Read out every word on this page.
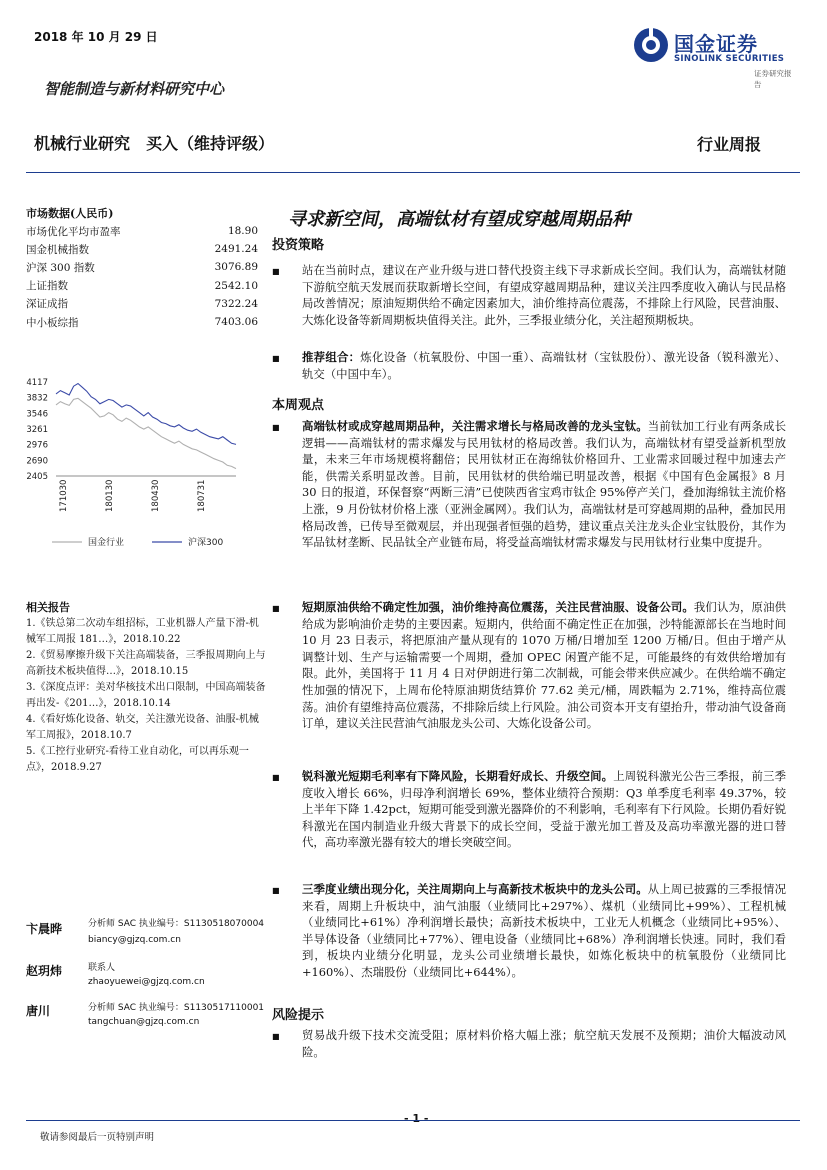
2018 年 10 月 29 日
智能制造与新材料研究中心
国金证券
SINOLINK SECURITIES
证券研究报告
机械行业研究　买入（维持评级）	行业周报
市场数据(人民币)
市场优化平均市盈率	18.90
国金机械指数	2491.24
沪深 300 指数	3076.89
上证指数	2542.10
深证成指	7322.24
中小板综指	7403.06
4117
3832
3546
3261
2976
2690
2405
171030	180130	180430	180731
国金行业	沪深300
相关报告
1.《铁总第二次动车组招标，工业机器人产量下滑-机械军工周报 181…》，2018.10.22
2.《贸易摩擦升级下关注高端装备，三季报周期向上与高新技术板块值得…》，2018.10.15
3.《深度点评：美对华核技术出口限制，中国高端装备再出发-《201…》，2018.10.14
4.《看好炼化设备、轨交，关注激光设备、油服-机械军工周报》，2018.10.7
5.《工控行业研究-看待工业自动化，可以再乐观一点》，2018.9.27
卞晨晔	分析师 SAC 执业编号：S1130518070004
biancy@gjzq.com.cn
赵玥炜	联系人
zhaoyuewei@gjzq.com.cn
唐川	分析师 SAC 执业编号：S1130517110001
tangchuan@gjzq.com.cn
寻求新空间，高端钛材有望成穿越周期品种
投资策略
■ 站在当前时点，建议在产业升级与进口替代投资主线下寻求新成长空间。我们认为，高端钛材随下游航空航天发展而获取新增长空间，有望成穿越周期品种，建议关注四季度收入确认与民品格局改善情况；原油短期供给不确定因素加大，油价维持高位震荡，不排除上行风险，民营油服、大炼化设备等新周期板块值得关注。此外，三季报业绩分化，关注超预期板块。
■ 推荐组合：炼化设备（杭氧股份、中国一重）、高端钛材（宝钛股份）、激光设备（锐科激光）、轨交（中国中车）。
本周观点
■ 高端钛材或成穿越周期品种，关注需求增长与格局改善的龙头宝钛。当前钛加工行业有两条成长逻辑——高端钛材的需求爆发与民用钛材的格局改善。我们认为，高端钛材有望受益新机型放量，未来三年市场规模将翻倍；民用钛材正在海绵钛价格回升、工业需求回暖过程中加速去产能，供需关系明显改善。目前，民用钛材的供给端已明显改善，根据《中国有色金属报》8 月 30 日的报道，环保督察“两断三清”已使陕西省宝鸡市钛企 95%停产关门，叠加海绵钛主流价格上涨，9 月份钛材价格上涨（亚洲金属网）。我们认为，高端钛材是可穿越周期的品种，叠加民用格局改善，已传导至微观层，并出现强者恒强的趋势，建议重点关注龙头企业宝钛股份，其作为军品钛材垄断、民品钛全产业链布局，将受益高端钛材需求爆发与民用钛材行业集中度提升。
■ 短期原油供给不确定性加强，油价维持高位震荡，关注民营油服、设备公司。我们认为，原油供给成为影响油价走势的主要因素。短期内，供给面不确定性正在加强，沙特能源部长在当地时间 10 月 23 日表示，将把原油产量从现有的 1070 万桶/日增加至 1200 万桶/日。但由于增产从调整计划、生产与运输需要一个周期，叠加 OPEC 闲置产能不足，可能最终的有效供给增加有限。此外，美国将于 11 月 4 日对伊朗进行第二次制裁，可能会带来供应减少。在供给端不确定性加强的情况下，上周布伦特原油期货结算价 77.62 美元/桶，周跌幅为 2.71%，维持高位震荡。油价有望维持高位震荡，不排除后续上行风险。油公司资本开支有望抬升，带动油气设备商订单，建议关注民营油气油服龙头公司、大炼化设备公司。
■ 锐科激光短期毛利率有下降风险，长期看好成长、升级空间。上周锐科激光公告三季报，前三季度收入增长 66%，归母净利润增长 69%，整体业绩符合预期：Q3 单季度毛利率 49.37%，较上半年下降 1.42pct，短期可能受到激光器降价的不利影响，毛利率有下行风险。长期仍看好锐科激光在国内制造业升级大背景下的成长空间，受益于激光加工普及及高功率激光器的进口替代，高功率激光器有较大的增长突破空间。
■ 三季度业绩出现分化，关注周期向上与高新技术板块中的龙头公司。从上周已披露的三季报情况来看，周期上升板块中，油气油服（业绩同比+297%）、煤机（业绩同比+99%）、工程机械（业绩同比+61%）净利润增长最快；高新技术板块中，工业无人机概念（业绩同比+95%）、半导体设备（业绩同比+77%）、锂电设备（业绩同比+68%）净利润增长快速。同时，我们看到，板块内业绩分化明显，龙头公司业绩增长最快，如炼化板块中的杭氧股份（业绩同比+160%）、杰瑞股份（业绩同比+644%）。
风险提示
■ 贸易战升级下技术交流受阻；原材料价格大幅上涨；航空航天发展不及预期；油价大幅波动风险。
- 1 -
敬请参阅最后一页特别声明
